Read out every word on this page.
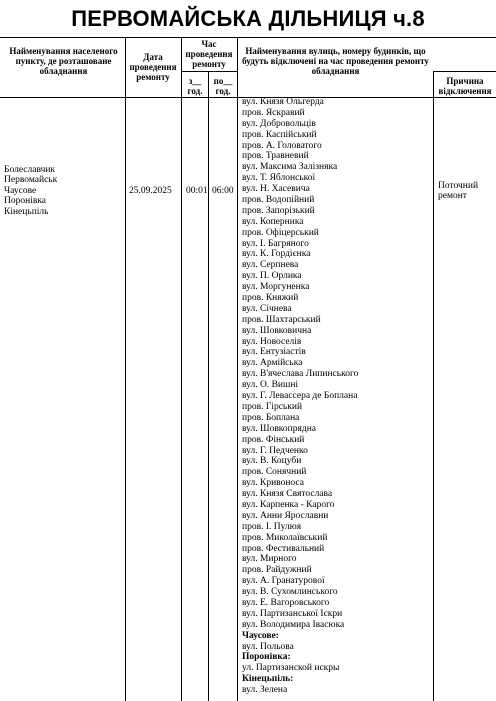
ПЕРВОМАЙСЬКА ДІЛЬНИЦЯ ч.8
Найменування населеного пункту, де розташоване обладнання
Дата проведення ремонту
Час проведення ремонту
з__ год.
по__ год.
Найменування вулиць, номеру будинків, що будуть відключені на час проведення ремонту обладнання
Причина відключення
Болеславчик
Первомайськ
Чаусове
Поронівка
Кінецьпіль
25.09.2025 00:01 06:00	Поточний ремонт
вул. Князя Ольгерда
пров. Яскравий
вул. Добровольців
пров. Каспійський
пров. А. Головатого
пров. Травневий
вул. Максима Залізняка
вул. Т. Яблонської
вул. Н. Хасевича
пров. Водопійний
пров. Запорізький
вул. Коперника
пров. Офіцерський
вул. І. Багряного
вул. К. Гордієнка
вул. Серпнева
вул. П. Орлика
вул. Моргуненка
пров. Княжий
вул. Січнева
пров. Шахтарський
вул. Шовковична
вул. Новоселів
вул. Ентузіастів
вул. Армійська
вул. В'ячеслава Липинського
вул. О. Вишні
вул. Г. Левассера де Боплана
пров. Гірський
пров. Боплана
вул. Шовкопрядна
пров. Фінський
вул. Г. Педченко
вул. В. Коцуби
пров. Сонячний
вул. Кривоноса
вул. Князя Святослава
вул. Карпенка - Карого
вул. Анни Ярославни
пров. І. Пулюя
пров. Миколаївський
пров. Фестивальний
вул. Мирного
пров. Райдужний
вул. А. Гранатурової
вул. В. Сухомлинського
вул. Е. Вагоровського
вул. Партизанської Іскри
вул. Володимира Івасюка
Чаусове:
вул. Польова
Поронівка:
ул. Партизанской искры
Кінецьпіль:
вул. Зелена
